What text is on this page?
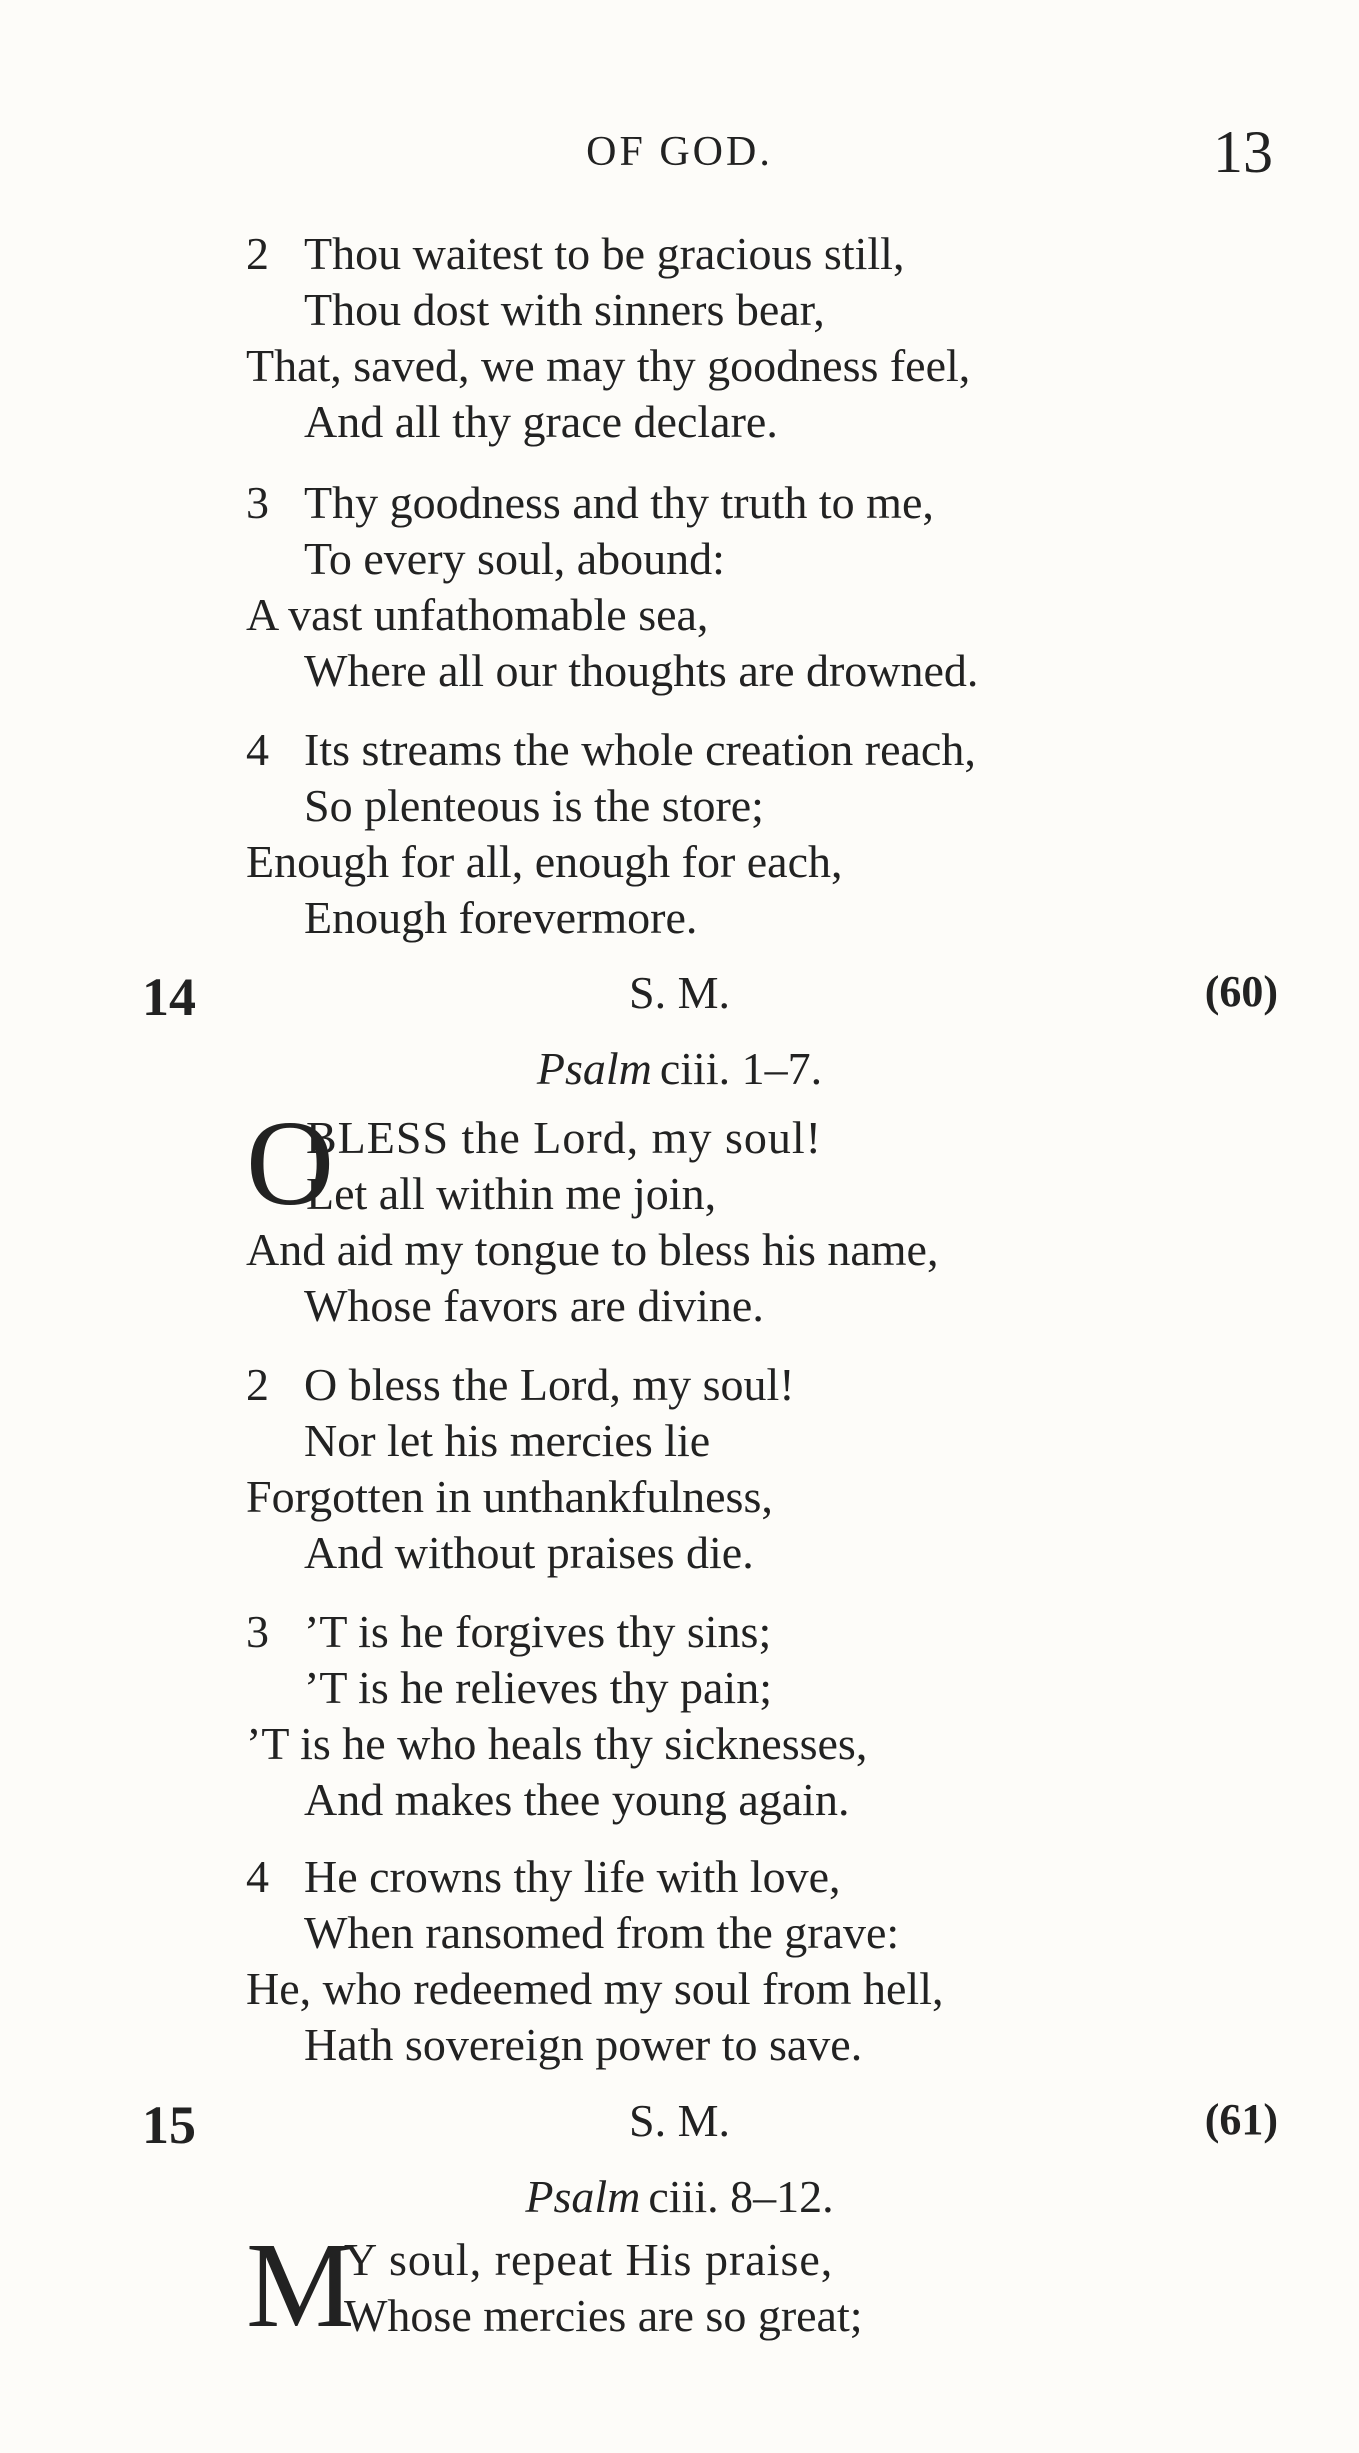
OF GOD.	13
2 Thou waitest to be gracious still,
Thou dost with sinners bear,
That, saved, we may thy goodness feel,
And all thy grace declare.
3 Thy goodness and thy truth to me,
To every soul, abound:
A vast unfathomable sea,
Where all our thoughts are drowned.
4 Its streams the whole creation reach,
So plenteous is the store;
Enough for all, enough for each,
Enough forevermore.
14	S. M.	(60)
Psalm ciii. 1–7.
O
BLESS the Lord, my soul!
Let all within me join,
And aid my tongue to bless his name,
Whose favors are divine.
2 O bless the Lord, my soul!
Nor let his mercies lie
Forgotten in unthankfulness,
And without praises die.
3 ’T is he forgives thy sins;
’T is he relieves thy pain;
’T is he who heals thy sicknesses,
And makes thee young again.
4 He crowns thy life with love,
When ransomed from the grave:
He, who redeemed my soul from hell,
Hath sovereign power to save.
15	S. M.	(61)
Psalm ciii. 8–12.
M
Y soul, repeat His praise,
Whose mercies are so great;
